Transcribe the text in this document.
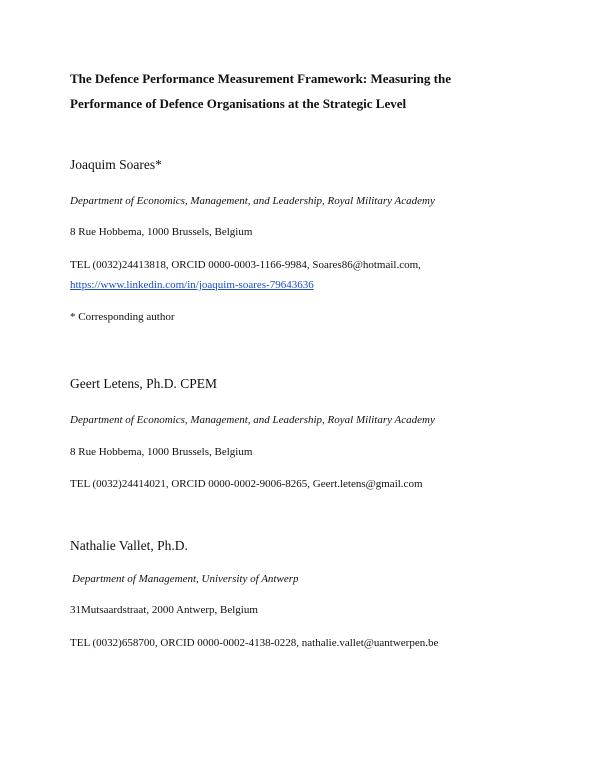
The Defence Performance Measurement Framework: Measuring the
Performance of Defence Organisations at the Strategic Level
Joaquim Soares*
Department of Economics, Management, and Leadership, Royal Military Academy
8 Rue Hobbema, 1000 Brussels, Belgium
TEL (0032)24413818, ORCID 0000-0003-1166-9984, Soares86@hotmail.com,
https://www.linkedin.com/in/joaquim-soares-79643636
* Corresponding author
Geert Letens, Ph.D. CPEM
Department of Economics, Management, and Leadership, Royal Military Academy
8 Rue Hobbema, 1000 Brussels, Belgium
TEL (0032)24414021, ORCID 0000-0002-9006-8265, Geert.letens@gmail.com
Nathalie Vallet, Ph.D.
Department of Management, University of Antwerp
31Mutsaardstraat, 2000 Antwerp, Belgium
TEL (0032)658700, ORCID 0000-0002-4138-0228, nathalie.vallet@uantwerpen.be
